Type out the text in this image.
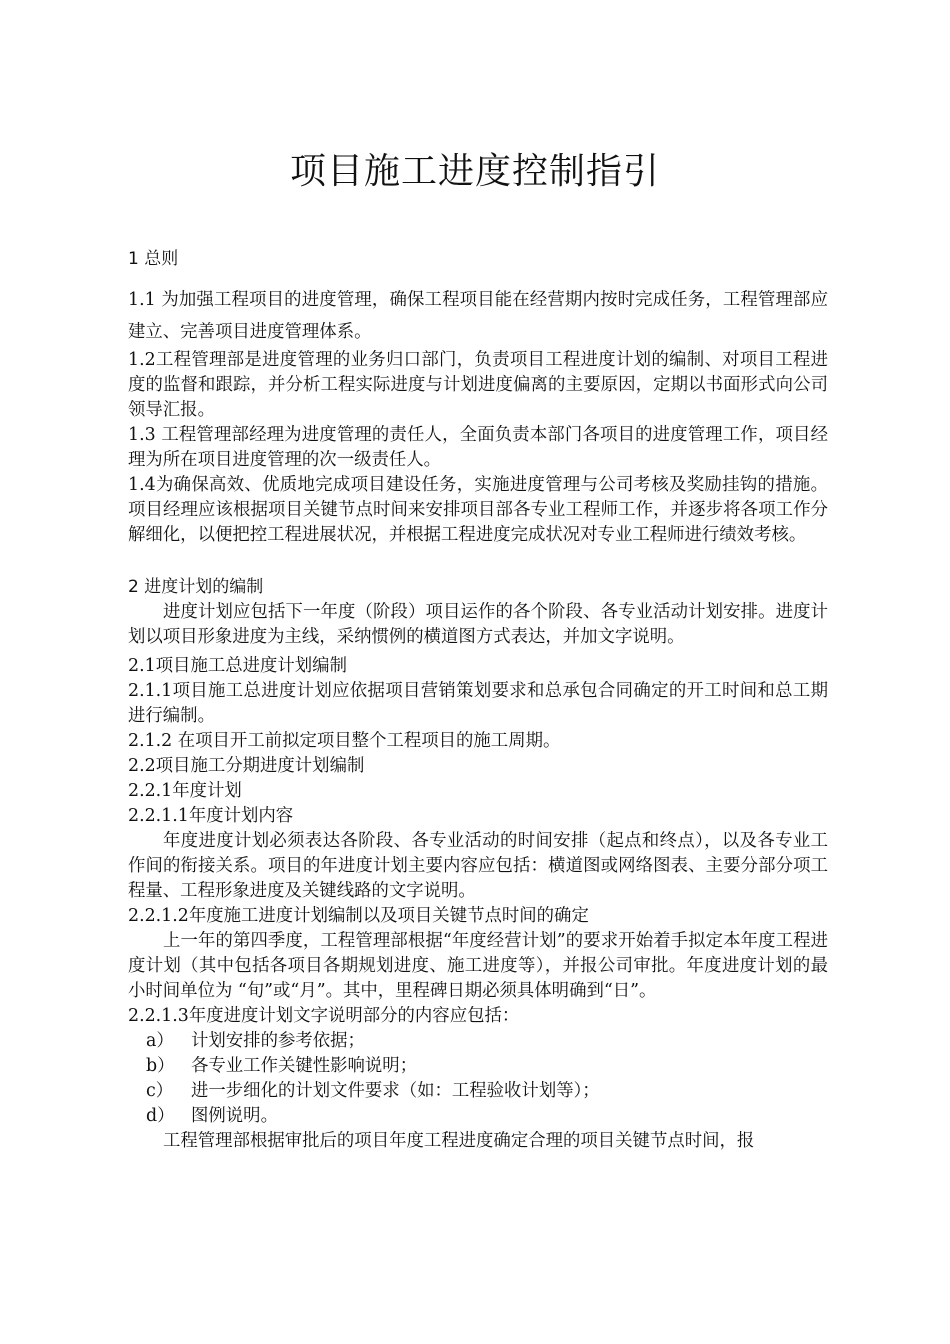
项目施工进度控制指引
1 总则

1.1 为加强工程项目的进度管理，确保工程项目能在经营期内按时完成任务，工程管理部应建立、完善项目进度管理体系。

1.2工程管理部是进度管理的业务归口部门，负责项目工程进度计划的编制、对项目工程进度的监督和跟踪，并分析工程实际进度与计划进度偏离的主要原因，定期以书面形式向公司领导汇报。

1.3 工程管理部经理为进度管理的责任人，全面负责本部门各项目的进度管理工作，项目经理为所在项目进度管理的次一级责任人。

1.4为确保高效、优质地完成项目建设任务，实施进度管理与公司考核及奖励挂钩的措施。项目经理应该根据项目关键节点时间来安排项目部各专业工程师工作，并逐步将各项工作分解细化，以便把控工程进展状况，并根据工程进度完成状况对专业工程师进行绩效考核。

2 进度计划的编制

进度计划应包括下一年度（阶段）项目运作的各个阶段、各专业活动计划安排。进度计划以项目形象进度为主线，采纳惯例的横道图方式表达，并加文字说明。

2.1项目施工总进度计划编制

2.1.1项目施工总进度计划应依据项目营销策划要求和总承包合同确定的开工时间和总工期进行编制。

2.1.2 在项目开工前拟定项目整个工程项目的施工周期。

2.2项目施工分期进度计划编制

2.2.1年度计划

2.2.1.1年度计划内容

年度进度计划必须表达各阶段、各专业活动的时间安排（起点和终点），以及各专业工作间的衔接关系。项目的年进度计划主要内容应包括：横道图或网络图表、主要分部分项工程量、工程形象进度及关键线路的文字说明。

2.2.1.2年度施工进度计划编制以及项目关键节点时间的确定

上一年的第四季度，工程管理部根据“年度经营计划”的要求开始着手拟定本年度工程进度计划（其中包括各项目各期规划进度、施工进度等），并报公司审批。年度进度计划的最小时间单位为 “旬”或“月”。其中，里程碑日期必须具体明确到“日”。

2.2.1.3年度进度计划文字说明部分的内容应包括：

a） 计划安排的参考依据；
b） 各专业工作关键性影响说明；
c） 进一步细化的计划文件要求（如：工程验收计划等）；
d） 图例说明。

工程管理部根据审批后的项目年度工程进度确定合理的项目关键节点时间，报
